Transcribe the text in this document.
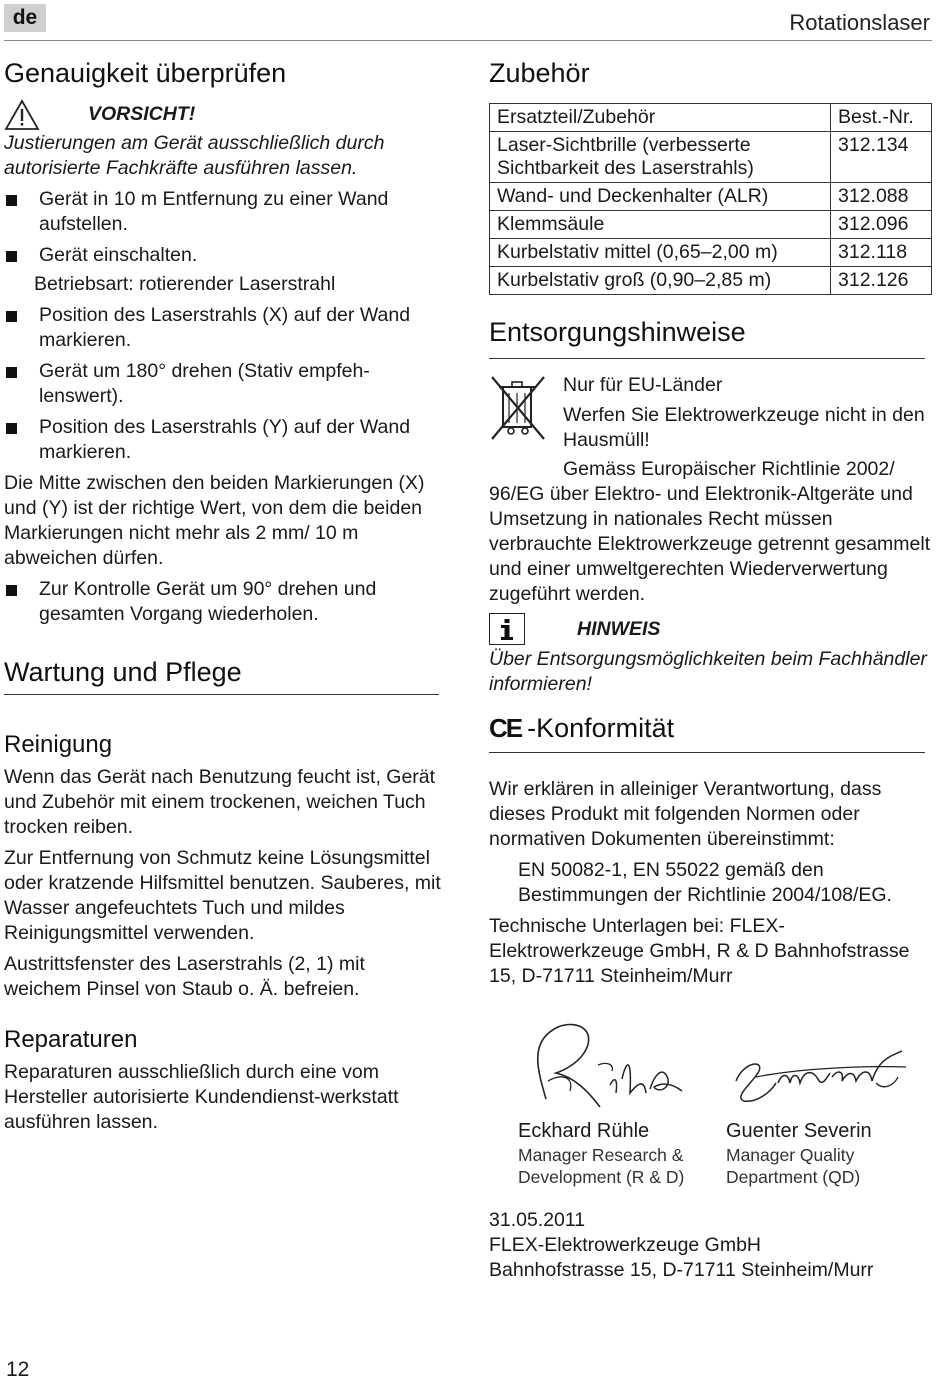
de	Rotationslaser
Genauigkeit überprüfen
VORSICHT!

Justierungen am Gerät ausschließlich durch autorisierte Fachkräfte ausführen lassen.

Gerät in 10 m Entfernung zu einer Wand aufstellen.
Gerät einschalten.
Betriebsart: rotierender Laserstrahl
Position des Laserstrahls (X) auf der Wand markieren.
Gerät um 180° drehen (Stativ empfeh-lenswert).
Position des Laserstrahls (Y) auf der Wand markieren.

Die Mitte zwischen den beiden Markierungen (X) und (Y) ist der richtige Wert, von dem die beiden Markierungen nicht mehr als 2 mm/ 10 m abweichen dürfen.

Zur Kontrolle Gerät um 90° drehen und gesamten Vorgang wiederholen.
Wartung und Pflege
Reinigung

Wenn das Gerät nach Benutzung feucht ist, Gerät und Zubehör mit einem trockenen, weichen Tuch trocken reiben.

Zur Entfernung von Schmutz keine Lösungsmittel oder kratzende Hilfsmittel benutzen. Sauberes, mit Wasser angefeuchtets Tuch und mildes Reinigungsmittel verwenden.

Austrittsfenster des Laserstrahls (2, 1) mit weichem Pinsel von Staub o. Ä. befreien.

Reparaturen

Reparaturen ausschließlich durch eine vom Hersteller autorisierte Kundendienst-werkstatt ausführen lassen.

Zubehör
Ersatzteil/Zubehör	Best.-Nr.
Laser-Sichtbrille (verbesserte Sichtbarkeit des Laserstrahls)	312.134
Wand- und Deckenhalter (ALR)	312.088
Klemmsäule	312.096
Kurbelstativ mittel (0,65–2,00 m)	312.118
Kurbelstativ groß (0,90–2,85 m)	312.126
Entsorgungshinweise

Nur für EU-Länder

Werfen Sie Elektrowerkzeuge nicht in den Hausmüll!

Gemäss Europäischer Richtlinie 2002/ 96/EG über Elektro- und Elektronik-Altgeräte und Umsetzung in nationales Recht müssen verbrauchte Elektrowerkzeuge getrennt gesammelt und einer umweltgerechten Wiederverwertung zugeführt werden.

HINWEIS

Über Entsorgungsmöglichkeiten beim Fachhändler informieren!

CE -Konformität

Wir erklären in alleiniger Verantwortung, dass dieses Produkt mit folgenden Normen oder normativen Dokumenten übereinstimmt:

EN 50082-1, EN 55022 gemäß den Bestimmungen der Richtlinie 2004/108/EG.

Technische Unterlagen bei: FLEX-Elektrowerkzeuge GmbH, R & D Bahnhofstrasse 15, D-71711 Steinheim/Murr

Eckhard Rühle
Manager Research & Development (R & D)
Guenter Severin
Manager Quality Department (QD)

31.05.2011

FLEX-Elektrowerkzeuge GmbH

Bahnhofstrasse 15, D-71711 Steinheim/Murr

12
